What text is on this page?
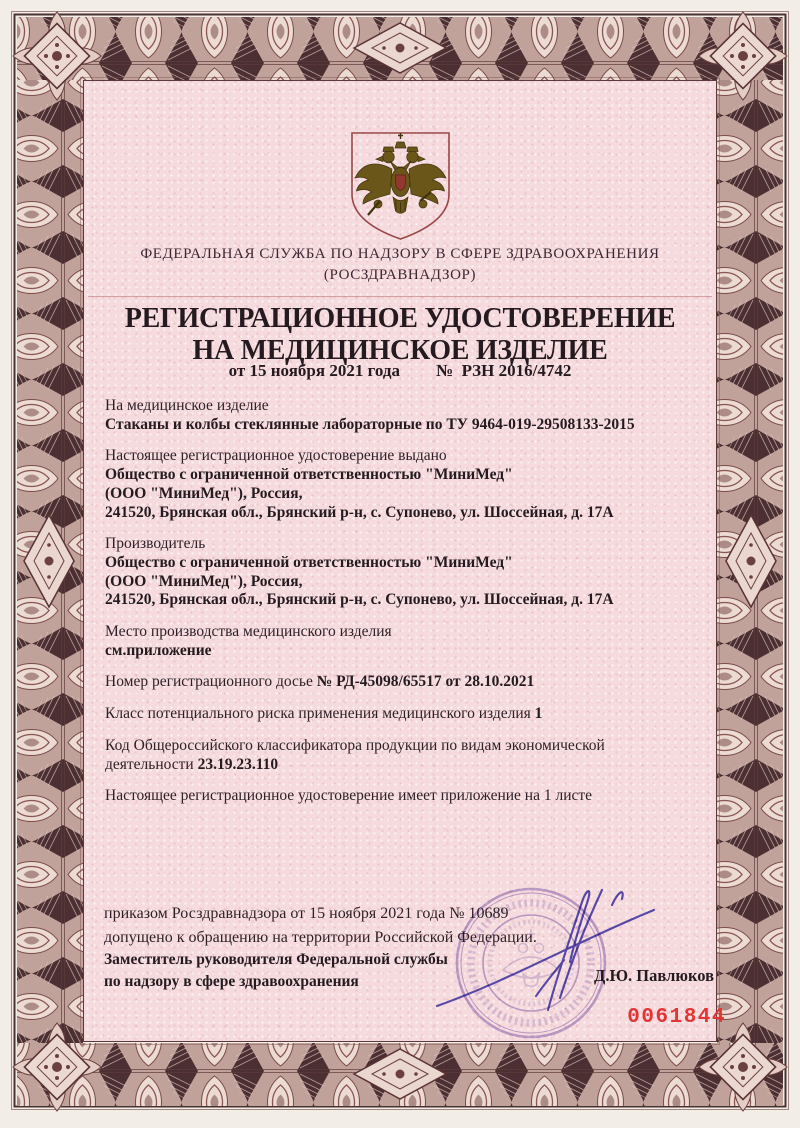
ФЕДЕРАЛЬНАЯ СЛУЖБА ПО НАДЗОРУ В СФЕРЕ ЗДРАВООХРАНЕНИЯ
(РОСЗДРАВНАДЗОР)
РЕГИСТРАЦИОННОЕ УДОСТОВЕРЕНИЕ
НА МЕДИЦИНСКОЕ ИЗДЕЛИЕ
от 15 ноября 2021 года №  РЗН 2016/4742

На медицинское изделие
Стаканы и колбы стеклянные лабораторные по ТУ 9464-019-29508133-2015

Настоящее регистрационное удостоверение выдано
Общество с ограниченной ответственностью "МиниМед"
(ООО "МиниМед"), Россия,
241520, Брянская обл., Брянский р-н, с. Супонево, ул. Шоссейная, д. 17А

Производитель
Общество с ограниченной ответственностью "МиниМед"
(ООО "МиниМед"), Россия,
241520, Брянская обл., Брянский р-н, с. Супонево, ул. Шоссейная, д. 17А

Место производства медицинского изделия
см.приложение

Номер регистрационного досье № РД-45098/65517 от 28.10.2021

Класс потенциального риска применения медицинского изделия 1

Код Общероссийского классификатора продукции по видам экономической деятельности 23.19.23.110

Настоящее регистрационное удостоверение имеет приложение на 1 листе

приказом Росздравнадзора от 15 ноября 2021 года № 10689
допущено к обращению на территории Российской Федерации.
Заместитель руководителя Федеральной службы
по надзору в сфере здравоохранения	Д.Ю. Павлюков
0061844
